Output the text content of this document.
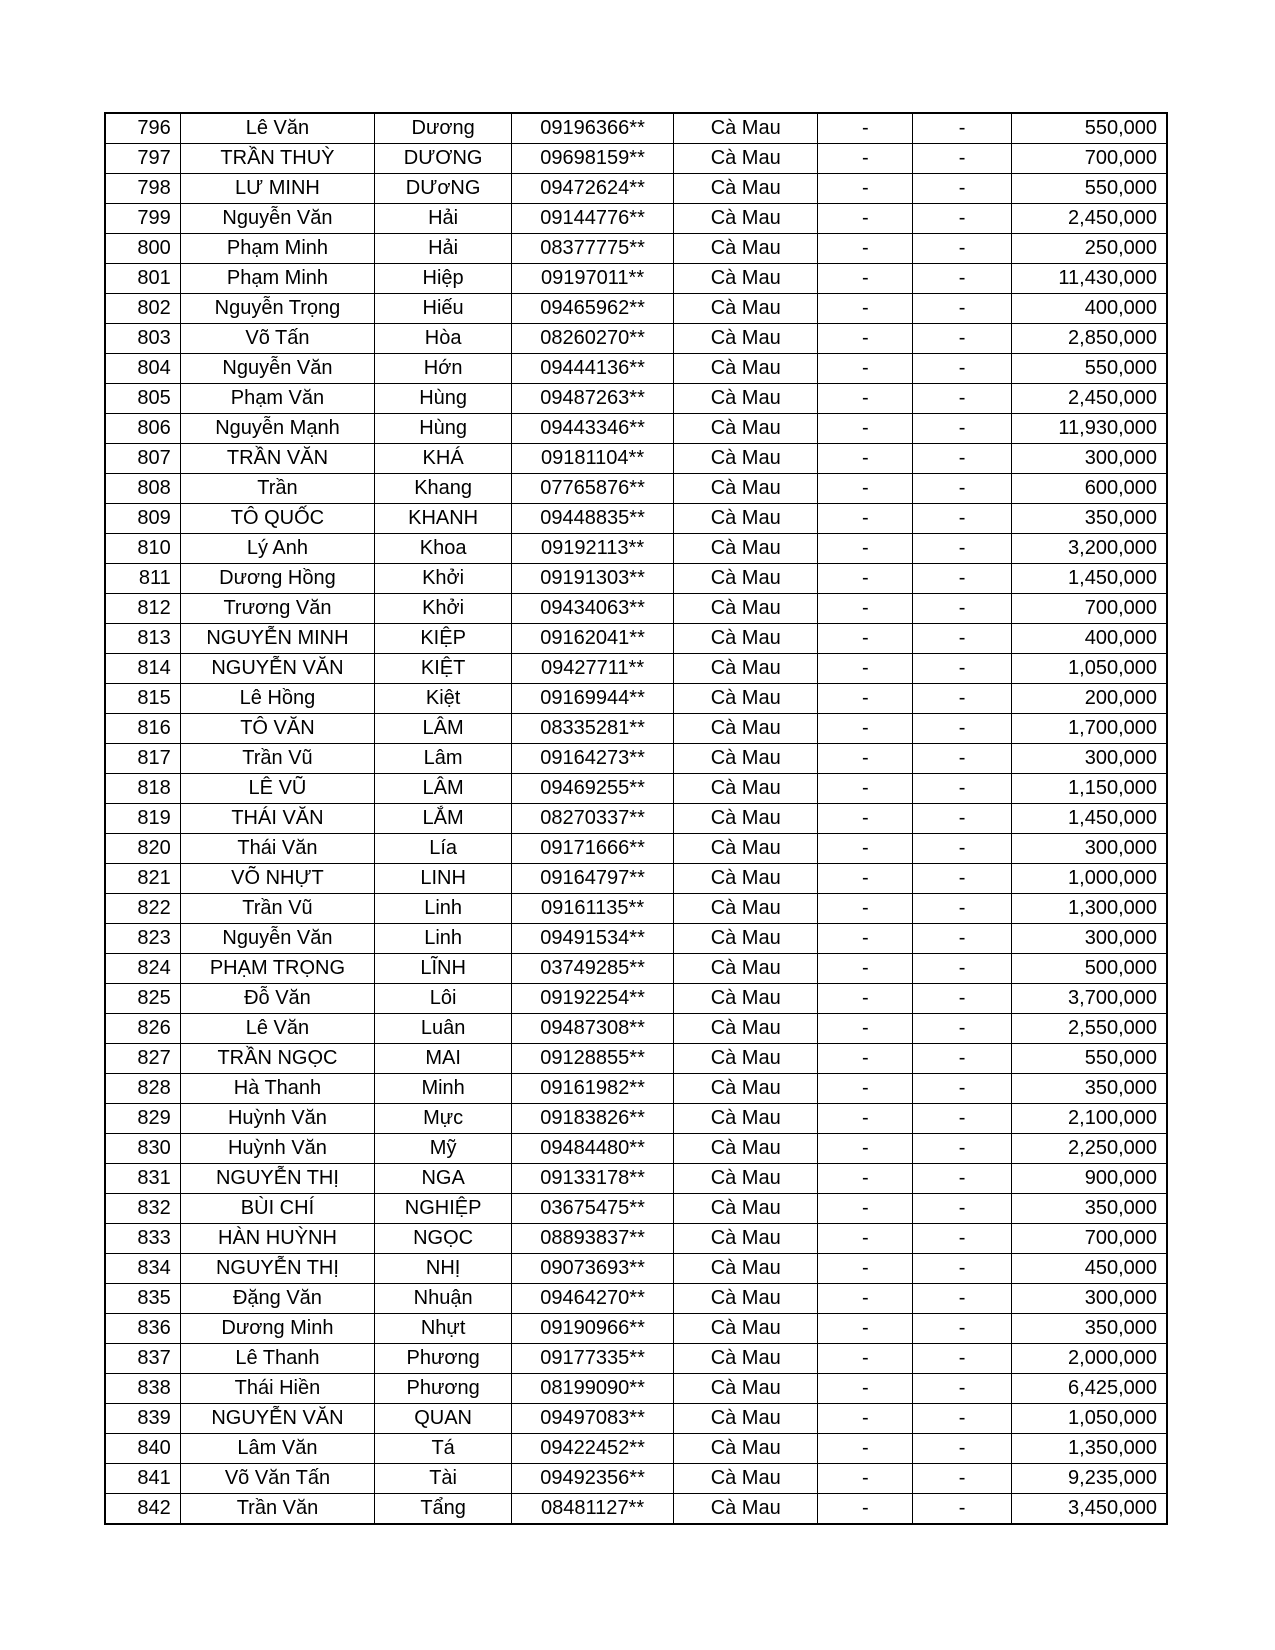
796	Lê Văn	Dương	09196366**	Cà Mau	-	-	550,000
797	TRẦN THUỲ	DƯƠNG	09698159**	Cà Mau	-	-	700,000
798	LƯ MINH	DƯơNG	09472624**	Cà Mau	-	-	550,000
799	Nguyễn Văn	Hải	09144776**	Cà Mau	-	-	2,450,000
800	Phạm Minh	Hải	08377775**	Cà Mau	-	-	250,000
801	Phạm Minh	Hiệp	09197011**	Cà Mau	-	-	11,430,000
802	Nguyễn Trọng	Hiếu	09465962**	Cà Mau	-	-	400,000
803	Võ Tấn	Hòa	08260270**	Cà Mau	-	-	2,850,000
804	Nguyễn Văn	Hớn	09444136**	Cà Mau	-	-	550,000
805	Phạm Văn	Hùng	09487263**	Cà Mau	-	-	2,450,000
806	Nguyễn Mạnh	Hùng	09443346**	Cà Mau	-	-	11,930,000
807	TRẦN VĂN	KHÁ	09181104**	Cà Mau	-	-	300,000
808	Trần	Khang	07765876**	Cà Mau	-	-	600,000
809	TÔ QUỐC	KHANH	09448835**	Cà Mau	-	-	350,000
810	Lý Anh	Khoa	09192113**	Cà Mau	-	-	3,200,000
811	Dương Hồng	Khởi	09191303**	Cà Mau	-	-	1,450,000
812	Trương Văn	Khởi	09434063**	Cà Mau	-	-	700,000
813	NGUYỄN MINH	KIỆP	09162041**	Cà Mau	-	-	400,000
814	NGUYỄN VĂN	KIỆT	09427711**	Cà Mau	-	-	1,050,000
815	Lê Hồng	Kiệt	09169944**	Cà Mau	-	-	200,000
816	TÔ VĂN	LÂM	08335281**	Cà Mau	-	-	1,700,000
817	Trần Vũ	Lâm	09164273**	Cà Mau	-	-	300,000
818	LÊ VŨ	LÂM	09469255**	Cà Mau	-	-	1,150,000
819	THÁI VĂN	LẮM	08270337**	Cà Mau	-	-	1,450,000
820	Thái Văn	Lía	09171666**	Cà Mau	-	-	300,000
821	VÕ NHỰT	LINH	09164797**	Cà Mau	-	-	1,000,000
822	Trần Vũ	Linh	09161135**	Cà Mau	-	-	1,300,000
823	Nguyễn Văn	Linh	09491534**	Cà Mau	-	-	300,000
824	PHẠM TRỌNG	LĨNH	03749285**	Cà Mau	-	-	500,000
825	Đỗ Văn	Lôi	09192254**	Cà Mau	-	-	3,700,000
826	Lê Văn	Luân	09487308**	Cà Mau	-	-	2,550,000
827	TRẦN NGỌC	MAI	09128855**	Cà Mau	-	-	550,000
828	Hà Thanh	Minh	09161982**	Cà Mau	-	-	350,000
829	Huỳnh Văn	Mực	09183826**	Cà Mau	-	-	2,100,000
830	Huỳnh Văn	Mỹ	09484480**	Cà Mau	-	-	2,250,000
831	NGUYỄN THỊ	NGA	09133178**	Cà Mau	-	-	900,000
832	BÙI CHÍ	NGHIỆP	03675475**	Cà Mau	-	-	350,000
833	HÀN HUỲNH	NGỌC	08893837**	Cà Mau	-	-	700,000
834	NGUYỄN THỊ	NHỊ	09073693**	Cà Mau	-	-	450,000
835	Đặng Văn	Nhuận	09464270**	Cà Mau	-	-	300,000
836	Dương Minh	Nhựt	09190966**	Cà Mau	-	-	350,000
837	Lê Thanh	Phương	09177335**	Cà Mau	-	-	2,000,000
838	Thái Hiền	Phương	08199090**	Cà Mau	-	-	6,425,000
839	NGUYỄN VĂN	QUAN	09497083**	Cà Mau	-	-	1,050,000
840	Lâm Văn	Tá	09422452**	Cà Mau	-	-	1,350,000
841	Võ Văn Tấn	Tài	09492356**	Cà Mau	-	-	9,235,000
842	Trần Văn	Tẩng	08481127**	Cà Mau	-	-	3,450,000
